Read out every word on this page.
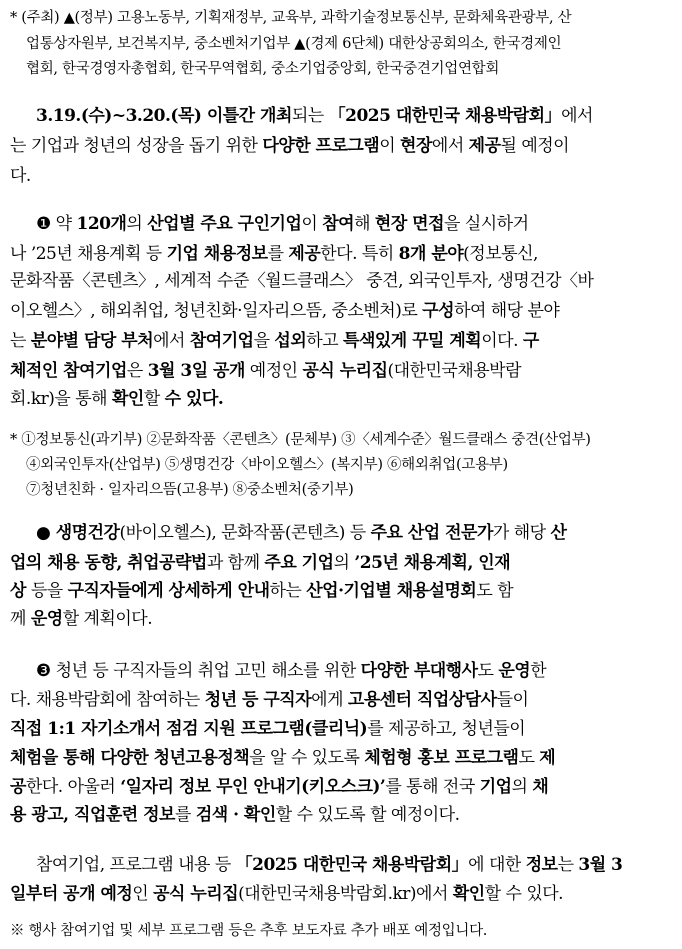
* (주최) ▲(정부) 고용노동부, 기획재정부, 교육부, 과학기술정보통신부, 문화체육관광부, 산
업통상자원부, 보건복지부, 중소벤처기업부 ▲(경제 6단체) 대한상공회의소, 한국경제인
협회, 한국경영자총협회, 한국무역협회, 중소기업중앙회, 한국중견기업연합회
3.19.(수)~3.20.(목) 이틀간 개최되는 「2025 대한민국 채용박람회」에서
는 기업과 청년의 성장을 돕기 위한 다양한 프로그램이 현장에서 제공될 예정이
다.
❶ 약 120개의 산업별 주요 구인기업이 참여해 현장 면접을 실시하거
나 ’25년 채용계획 등 기업 채용정보를 제공한다. 특히 8개 분야(정보통신,
문화작품〈콘텐츠〉, 세계적 수준〈월드클래스〉 중견, 외국인투자, 생명건강〈바
이오헬스〉, 해외취업, 청년친화·일자리으뜸, 중소벤처)로 구성하여 해당 분야
는 분야별 담당 부처에서 참여기업을 섭외하고 특색있게 꾸밀 계획이다. 구
체적인 참여기업은 3월 3일 공개 예정인 공식 누리집(대한민국채용박람
회.kr)을 통해 확인할 수 있다.
* ①정보통신(과기부) ②문화작품〈콘텐츠〉(문체부) ③〈세계수준〉월드클래스 중견(산업부)
④외국인투자(산업부) ⑤생명건강〈바이오헬스〉(복지부) ⑥해외취업(고용부)
⑦청년친화 · 일자리으뜸(고용부) ⑧중소벤처(중기부)
● 생명건강(바이오헬스), 문화작품(콘텐츠) 등 주요 산업 전문가가 해당 산
업의 채용 동향, 취업공략법과 함께 주요 기업의 ’25년 채용계획, 인재
상 등을 구직자들에게 상세하게 안내하는 산업·기업별 채용설명회도 함
께 운영할 계획이다.
❸ 청년 등 구직자들의 취업 고민 해소를 위한 다양한 부대행사도 운영한
다. 채용박람회에 참여하는 청년 등 구직자에게 고용센터 직업상담사들이
직접 1:1 자기소개서 점검 지원 프로그램(클리닉)를 제공하고, 청년들이
체험을 통해 다양한 청년고용정책을 알 수 있도록 체험형 홍보 프로그램도 제
공한다. 아울러 ‘일자리 정보 무인 안내기(키오스크)’를 통해 전국 기업의 채
용 광고, 직업훈련 정보를 검색 · 확인할 수 있도록 할 예정이다.
참여기업, 프로그램 내용 등 「2025 대한민국 채용박람회」에 대한 정보는 3월 3
일부터 공개 예정인 공식 누리집(대한민국채용박람회.kr)에서 확인할 수 있다.
※ 행사 참여기업 및 세부 프로그램 등은 추후 보도자료 추가 배포 예정입니다.
